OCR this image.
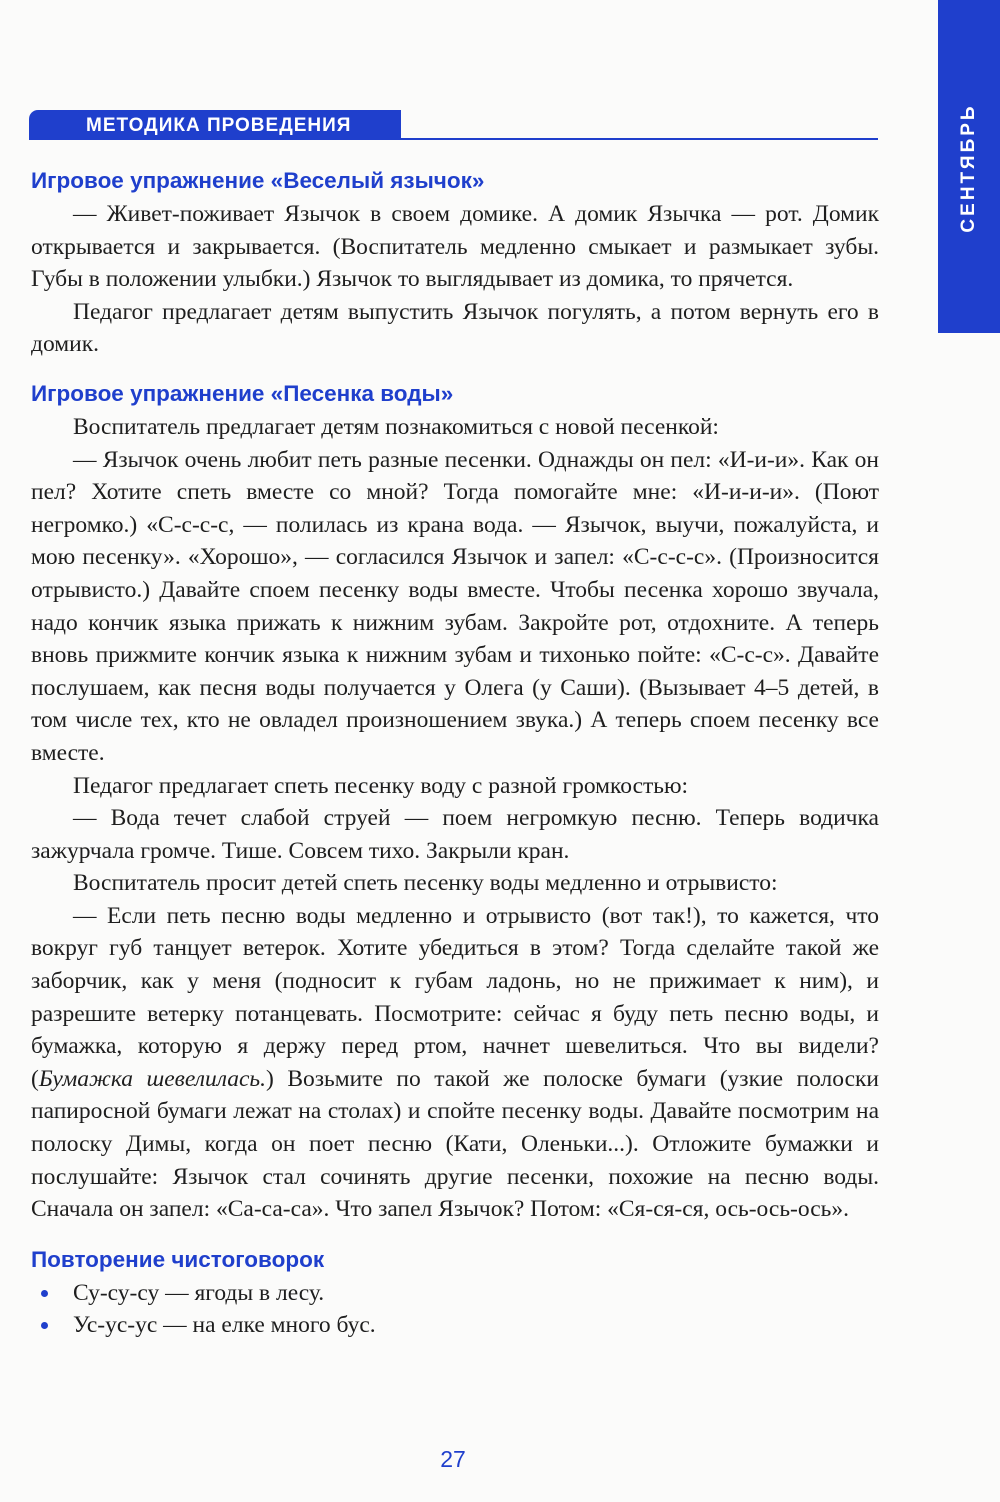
СЕНТЯБРЬ
МЕТОДИКА ПРОВЕДЕНИЯ
Игровое упражнение «Веселый язычок»

— Живет-поживает Язычок в своем домике. А домик Язычка — рот. Домик открывается и закрывается. (Воспитатель медленно смыкает и размыкает зубы. Губы в положении улыбки.) Язычок то выглядывает из домика, то прячется.

Педагог предлагает детям выпустить Язычок погулять, а потом вернуть его в домик.

Игровое упражнение «Песенка воды»

Воспитатель предлагает детям познакомиться с новой песенкой:

— Язычок очень любит петь разные песенки. Однажды он пел: «И-и-и». Как он пел? Хотите спеть вместе со мной? Тогда помогайте мне: «И-и-и-и». (Поют негромко.) «С-с-с-с, — полилась из крана вода. — Язычок, выучи, пожалуйста, и мою песенку». «Хорошо», — согласился Язычок и запел: «С-с-с-с». (Произносится отрывисто.) Давайте споем песенку воды вместе. Чтобы песенка хорошо звучала, надо кончик языка прижать к нижним зубам. Закройте рот, отдохните. А теперь вновь прижмите кончик языка к нижним зубам и тихонько пойте: «С-с-с». Давайте послушаем, как песня воды получается у Олега (у Саши). (Вызывает 4–5 детей, в том числе тех, кто не овладел произношением звука.) А теперь споем песенку все вместе.

Педагог предлагает спеть песенку воду с разной громкостью:

— Вода течет слабой струей — поем негромкую песню. Теперь водичка зажурчала громче. Тише. Совсем тихо. Закрыли кран.

Воспитатель просит детей спеть песенку воды медленно и отрывисто:

— Если петь песню воды медленно и отрывисто (вот так!), то кажется, что вокруг губ танцует ветерок. Хотите убедиться в этом? Тогда сделайте такой же заборчик, как у меня (подносит к губам ладонь, но не прижимает к ним), и разрешите ветерку потанцевать. Посмотрите: сейчас я буду петь песню воды, и бумажка, которую я держу перед ртом, начнет шевелиться. Что вы видели? (Бумажка шевелилась.) Возьмите по такой же полоске бумаги (узкие полоски папиросной бумаги лежат на столах) и спойте песенку воды. Давайте посмотрим на полоску Димы, когда он поет песню (Кати, Оленьки...). Отложите бумажки и послушайте: Язычок стал сочинять другие песенки, похожие на песню воды. Сначала он запел: «Са-са-са». Что запел Язычок? Потом: «Ся-ся-ся, ось-ось-ось».

Повторение чистоговорок
Су-су-су — ягоды в лесу.
Ус-ус-ус — на елке много бус.
27
